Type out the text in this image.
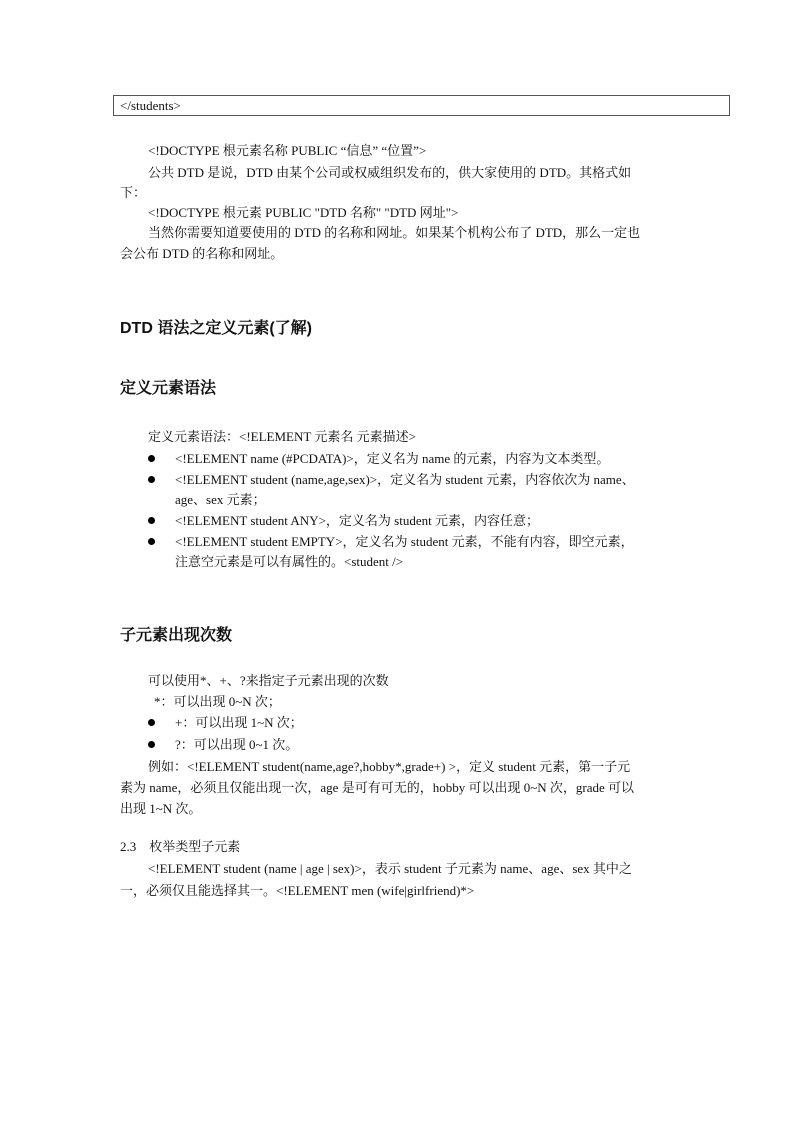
</students>
<!DOCTYPE 根元素名称 PUBLIC “信息” “位置”>
公共 DTD 是说，DTD 由某个公司或权威组织发布的，供大家使用的 DTD。其格式如
下：
<!DOCTYPE 根元素 PUBLIC "DTD 名称" "DTD 网址">
当然你需要知道要使用的 DTD 的名称和网址。如果某个机构公布了 DTD，那么一定也
会公布 DTD 的名称和网址。
DTD 语法之定义元素(了解)
定义元素语法
定义元素语法：<!ELEMENT 元素名 元素描述>
<!ELEMENT name (#PCDATA)>，定义名为 name 的元素，内容为文本类型。
<!ELEMENT student (name,age,sex)>，定义名为 student 元素，内容依次为 name、
age、sex 元素；
<!ELEMENT student ANY>，定义名为 student 元素，内容任意；
<!ELEMENT student EMPTY>，定义名为 student 元素，不能有内容，即空元素，
注意空元素是可以有属性的。<student />
子元素出现次数
可以使用*、+、?来指定子元素出现的次数
*：可以出现 0~N 次；
+：可以出现 1~N 次；
?：可以出现 0~1 次。
例如：<!ELEMENT student(name,age?,hobby*,grade+) >，定义 student 元素，第一子元
素为 name，必须且仅能出现一次，age 是可有可无的，hobby 可以出现 0~N 次，grade 可以
出现 1~N 次。
2.3    枚举类型子元素
<!ELEMENT student (name | age | sex)>，表示 student 子元素为 name、age、sex 其中之
一，必须仅且能选择其一。<!ELEMENT men (wife|girlfriend)*>
